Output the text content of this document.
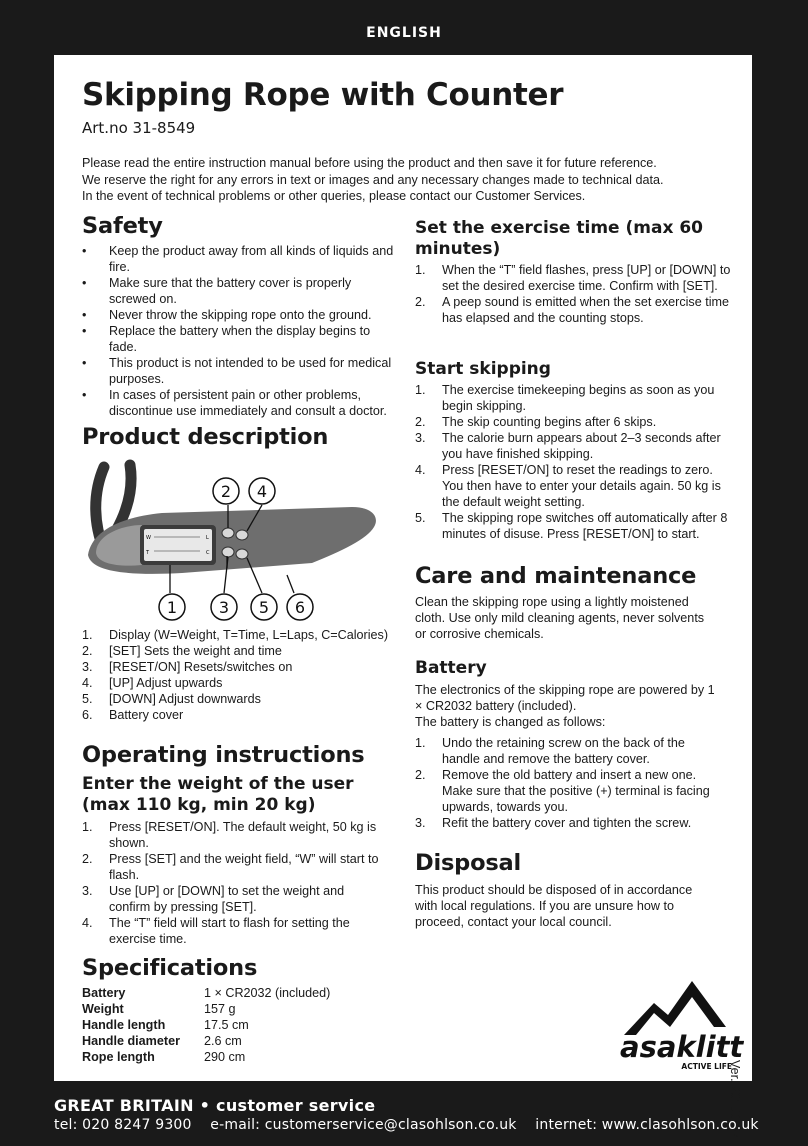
ENGLISH
Skipping Rope with Counter
Art.no 31-8549
Please read the entire instruction manual before using the product and then save it for future reference.
We reserve the right for any errors in text or images and any necessary changes made to technical data.
In the event of technical problems or other queries, please contact our Customer Services.
Safety
• Keep the product away from all kinds of liquids and fire.
• Make sure that the battery cover is properly screwed on.
• Never throw the skipping rope onto the ground.
• Replace the battery when the display begins to fade.
• This product is not intended to be used for medical purposes.
• In cases of persistent pain or other problems, discontinue use immediately and consult a doctor.
Product description
W	L
T	C
2 4
1	3 5 6
1. Display (W=Weight, T=Time, L=Laps, C=Calories)
2. [SET] Sets the weight and time
3. [RESET/ON] Resets/switches on
4. [UP] Adjust upwards
5. [DOWN] Adjust downwards
6. Battery cover
Operating instructions
Enter the weight of the user (max 110 kg, min 20 kg)
1. Press [RESET/ON]. The default weight, 50 kg is shown.
2. Press [SET] and the weight field, “W” will start to flash.
3. Use [UP] or [DOWN] to set the weight and confirm by pressing [SET].
4. The “T” field will start to flash for setting the exercise time.
Specifications
Battery	1 × CR2032 (included)
Weight	157 g
Handle length	17.5 cm
Handle diameter	2.6 cm
Rope length	290 cm
Set the exercise time (max 60 minutes)
1. When the “T” field flashes, press [UP] or [DOWN] to set the desired exercise time. Confirm with [SET].
2. A peep sound is emitted when the set exercise time has elapsed and the counting stops.
Start skipping
1. The exercise timekeeping begins as soon as you begin skipping.
2. The skip counting begins after 6 skips.
3. The calorie burn appears about 2–3 seconds after you have finished skipping.
4. Press [RESET/ON] to reset the readings to zero. You then have to enter your details again. 50 kg is the default weight setting.
5. The skipping rope switches off automatically after 8 minutes of disuse. Press [RESET/ON] to start.
Care and maintenance
Clean the skipping rope using a lightly moistened cloth. Use only mild cleaning agents, never solvents or corrosive chemicals.
Battery

The electronics of the skipping rope are powered by 1 × CR2032 battery (included).

The battery is changed as follows:

1. Undo the retaining screw on the back of the handle and remove the battery cover.
2. Remove the old battery and insert a new one. Make sure that the positive (+) terminal is facing upwards, towards you.
3. Refit the battery cover and tighten the screw.
Disposal
This product should be disposed of in accordance with local regulations. If you are unsure how to proceed, contact your local council.
asaklitt
ACTIVE LIFE
Ver. 20150324
GREAT BRITAIN • customer service
tel: 020 8247 9300 e-mail: customerservice@clasohlson.co.uk internet: www.clasohlson.co.uk
